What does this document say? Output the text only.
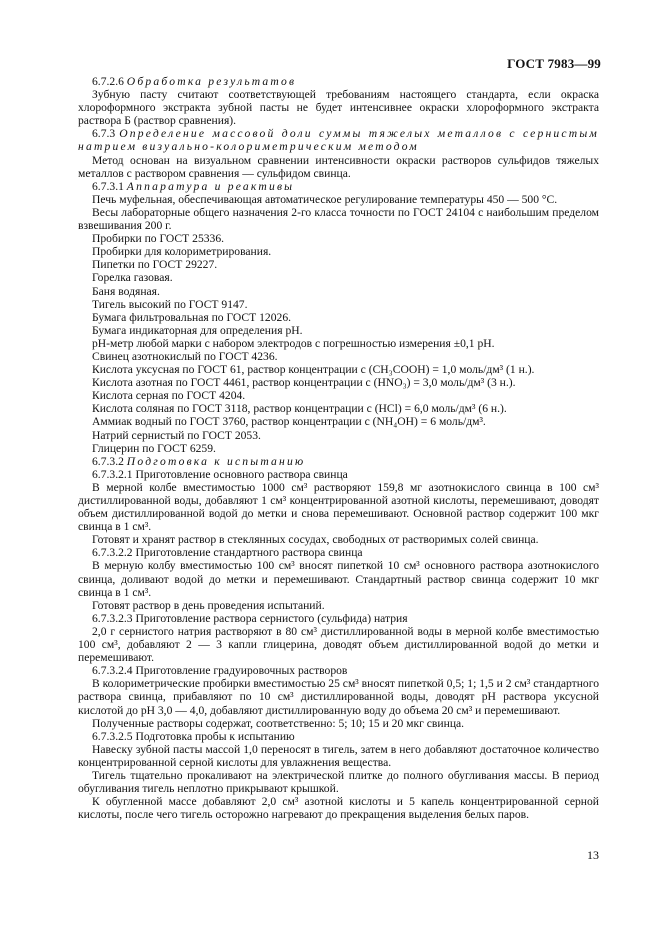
ГОСТ 7983—99

6.7.2.6 Обработка результатов

Зубную пасту считают соответствующей требованиям настоящего стандарта, если окраска хлороформного экстракта зубной пасты не будет интенсивнее окраски хлороформного экстракта раствора Б (раствор сравнения).

6.7.3 Определение массовой доли суммы тяжелых металлов с сернистым натрием визуально-колориметрическим методом

Метод основан на визуальном сравнении интенсивности окраски растворов сульфидов тяжелых металлов с раствором сравнения — сульфидом свинца.

6.7.3.1 Аппаратура и реактивы

Печь муфельная, обеспечивающая автоматическое регулирование температуры 450 — 500 °С.

Весы лабораторные общего назначения 2-го класса точности по ГОСТ 24104 с наибольшим пределом взвешивания 200 г.

Пробирки по ГОСТ 25336.

Пробирки для колориметрирования.

Пипетки по ГОСТ 29227.

Горелка газовая.

Баня водяная.

Тигель высокий по ГОСТ 9147.

Бумага фильтровальная по ГОСТ 12026.

Бумага индикаторная для определения рН.

рН-метр любой марки с набором электродов с погрешностью измерения ±0,1 рН.

Свинец азотнокислый по ГОСТ 4236.

Кислота уксусная по ГОСТ 61, раствор концентрации c (CH₃COOH) = 1,0 моль/дм³ (1 н.).

Кислота азотная по ГОСТ 4461, раствор концентрации c (HNO₃) = 3,0 моль/дм³ (3 н.).

Кислота серная по ГОСТ 4204.

Кислота соляная по ГОСТ 3118, раствор концентрации c (HCl) = 6,0 моль/дм³ (6 н.).

Аммиак водный по ГОСТ 3760, раствор концентрации c (NH₄OH) = 6 моль/дм³.

Натрий сернистый по ГОСТ 2053.

Глицерин по ГОСТ 6259.

6.7.3.2 Подготовка к испытанию

6.7.3.2.1 Приготовление основного раствора свинца

В мерной колбе вместимостью 1000 см³ растворяют 159,8 мг азотнокислого свинца в 100 см³ дистиллированной воды, добавляют 1 см³ концентрированной азотной кислоты, перемешивают, доводят объем дистиллированной водой до метки и снова перемешивают. Основной раствор содержит 100 мкг свинца в 1 см³.

Готовят и хранят раствор в стеклянных сосудах, свободных от растворимых солей свинца.

6.7.3.2.2 Приготовление стандартного раствора свинца

В мерную колбу вместимостью 100 см³ вносят пипеткой 10 см³ основного раствора азотнокислого свинца, доливают водой до метки и перемешивают. Стандартный раствор свинца содержит 10 мкг свинца в 1 см³.

Готовят раствор в день проведения испытаний.

6.7.3.2.3 Приготовление раствора сернистого (сульфида) натрия

2,0 г сернистого натрия растворяют в 80 см³ дистиллированной воды в мерной колбе вместимостью 100 см³, добавляют 2 — 3 капли глицерина, доводят объем дистиллированной водой до метки и перемешивают.

6.7.3.2.4 Приготовление градуировочных растворов

В колориметрические пробирки вместимостью 25 см³ вносят пипеткой 0,5; 1; 1,5 и 2 см³ стандартного раствора свинца, прибавляют по 10 см³ дистиллированной воды, доводят рН раствора уксусной кислотой до рН 3,0 — 4,0, добавляют дистиллированную воду до объема 20 см³ и перемешивают.

Полученные растворы содержат, соответственно: 5; 10; 15 и 20 мкг свинца.

6.7.3.2.5 Подготовка пробы к испытанию

Навеску зубной пасты массой 1,0 переносят в тигель, затем в него добавляют достаточное количество концентрированной серной кислоты для увлажнения вещества.

Тигель тщательно прокаливают на электрической плитке до полного обугливания массы. В период обугливания тигель неплотно прикрывают крышкой.

К обугленной массе добавляют 2,0 см³ азотной кислоты и 5 капель концентрированной серной кислоты, после чего тигель осторожно нагревают до прекращения выделения белых паров.

13
